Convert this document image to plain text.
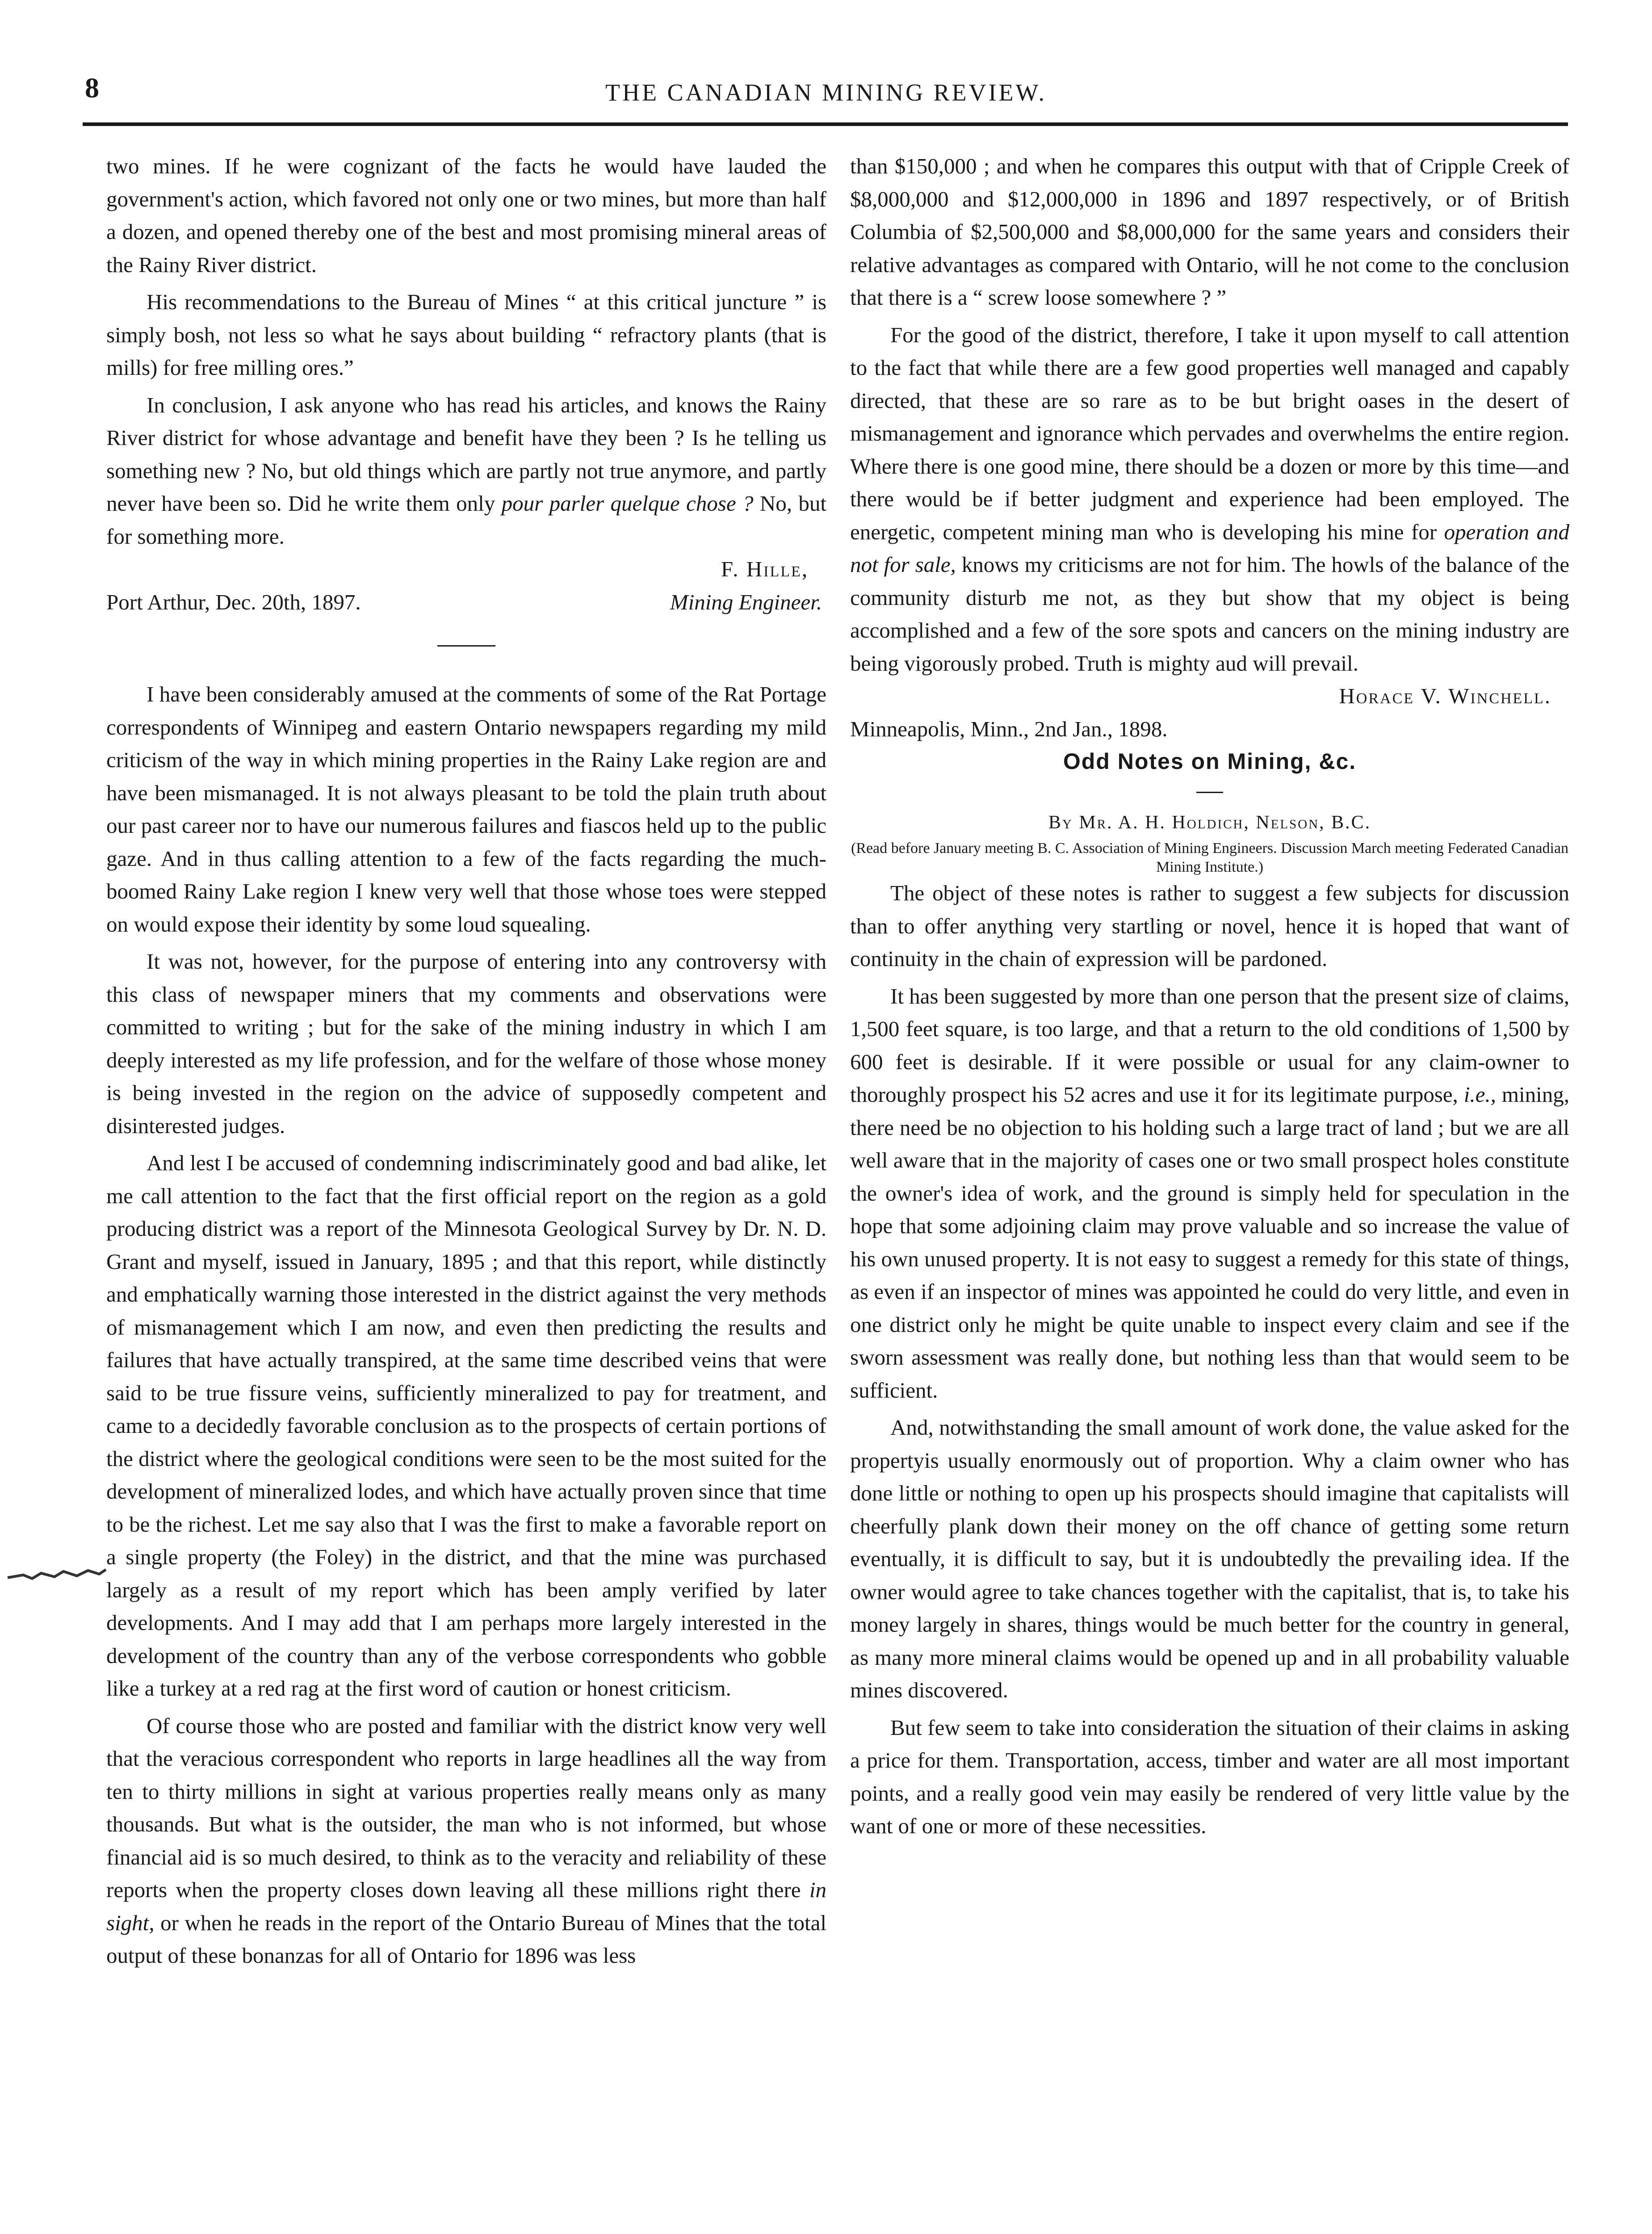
8	THE CANADIAN MINING REVIEW.

two mines. If he were cognizant of the facts he would have lauded the government's action, which favored not only one or two mines, but more than half a dozen, and opened thereby one of the best and most promising mineral areas of the Rainy River district.

His recommendations to the Bureau of Mines “ at this critical juncture ” is simply bosh, not less so what he says about building “ refractory plants (that is mills) for free milling ores.”

In conclusion, I ask anyone who has read his articles, and knows the Rainy River district for whose advantage and benefit have they been ? Is he telling us something new ? No, but old things which are partly not true anymore, and partly never have been so. Did he write them only pour parler quelque chose ? No, but for something more.

F. Hille,

Port Arthur, Dec. 20th, 1897.	Mining Engineer.

I have been considerably amused at the comments of some of the Rat Portage correspondents of Winnipeg and eastern Ontario newspapers regarding my mild criticism of the way in which mining properties in the Rainy Lake region are and have been mismanaged. It is not always pleasant to be told the plain truth about our past career nor to have our numerous failures and fiascos held up to the public gaze. And in thus calling attention to a few of the facts regarding the much-boomed Rainy Lake region I knew very well that those whose toes were stepped on would expose their identity by some loud squealing.

It was not, however, for the purpose of entering into any controversy with this class of newspaper miners that my comments and observations were committed to writing ; but for the sake of the mining industry in which I am deeply interested as my life profession, and for the welfare of those whose money is being invested in the region on the advice of supposedly competent and disinterested judges.

And lest I be accused of condemning indiscriminately good and bad alike, let me call attention to the fact that the first official report on the region as a gold producing district was a report of the Minnesota Geological Survey by Dr. N. D. Grant and myself, issued in January, 1895 ; and that this report, while distinctly and emphatically warning those interested in the district against the very methods of mismanagement which I am now, and even then predicting the results and failures that have actually transpired, at the same time described veins that were said to be true fissure veins, sufficiently mineralized to pay for treatment, and came to a decidedly favorable conclusion as to the prospects of certain portions of the district where the geological conditions were seen to be the most suited for the development of mineralized lodes, and which have actually proven since that time to be the richest. Let me say also that I was the first to make a favorable report on a single property (the Foley) in the district, and that the mine was purchased largely as a result of my report which has been amply verified by later developments. And I may add that I am perhaps more largely interested in the development of the country than any of the verbose correspondents who gobble like a turkey at a red rag at the first word of caution or honest criticism.

Of course those who are posted and familiar with the district know very well that the veracious correspondent who reports in large headlines all the way from ten to thirty millions in sight at various properties really means only as many thousands. But what is the outsider, the man who is not informed, but whose financial aid is so much desired, to think as to the veracity and reliability of these reports when the property closes down leaving all these millions right there in sight, or when he reads in the report of the Ontario Bureau of Mines that the total output of these bonanzas for all of Ontario for 1896 was less

than $150,000 ; and when he compares this output with that of Cripple Creek of $8,000,000 and $12,000,000 in 1896 and 1897 respectively, or of British Columbia of $2,500,000 and $8,000,000 for the same years and considers their relative advantages as compared with Ontario, will he not come to the conclusion that there is a “ screw loose somewhere ? ”

For the good of the district, therefore, I take it upon myself to call attention to the fact that while there are a few good properties well managed and capably directed, that these are so rare as to be but bright oases in the desert of mismanagement and ignorance which pervades and overwhelms the entire region. Where there is one good mine, there should be a dozen or more by this time—and there would be if better judgment and experience had been employed. The energetic, competent mining man who is developing his mine for operation and not for sale, knows my criticisms are not for him. The howls of the balance of the community disturb me not, as they but show that my object is being accomplished and a few of the sore spots and cancers on the mining industry are being vigorously probed. Truth is mighty aud will prevail.

Horace V. Winchell.

Minneapolis, Minn., 2nd Jan., 1898.

Odd Notes on Mining, &c.

By Mr. A. H. Holdich, Nelson, B.C.

(Read before January meeting B. C. Association of Mining Engineers. Discussion March meeting Federated Canadian Mining Institute.)

The object of these notes is rather to suggest a few subjects for discussion than to offer anything very startling or novel, hence it is hoped that want of continuity in the chain of expression will be pardoned.

It has been suggested by more than one person that the present size of claims, 1,500 feet square, is too large, and that a return to the old conditions of 1,500 by 600 feet is desirable. If it were possible or usual for any claim-owner to thoroughly prospect his 52 acres and use it for its legitimate purpose, i.e., mining, there need be no objection to his holding such a large tract of land ; but we are all well aware that in the majority of cases one or two small prospect holes constitute the owner's idea of work, and the ground is simply held for speculation in the hope that some adjoining claim may prove valuable and so increase the value of his own unused property. It is not easy to suggest a remedy for this state of things, as even if an inspector of mines was appointed he could do very little, and even in one district only he might be quite unable to inspect every claim and see if the sworn assessment was really done, but nothing less than that would seem to be sufficient.

And, notwithstanding the small amount of work done, the value asked for the propertyis usually enormously out of proportion. Why a claim owner who has done little or nothing to open up his prospects should imagine that capitalists will cheerfully plank down their money on the off chance of getting some return eventually, it is difficult to say, but it is undoubtedly the prevailing idea. If the owner would agree to take chances together with the capitalist, that is, to take his money largely in shares, things would be much better for the country in general, as many more mineral claims would be opened up and in all probability valuable mines discovered.

But few seem to take into consideration the situation of their claims in asking a price for them. Transportation, access, timber and water are all most important points, and a really good vein may easily be rendered of very little value by the want of one or more of these necessities.
